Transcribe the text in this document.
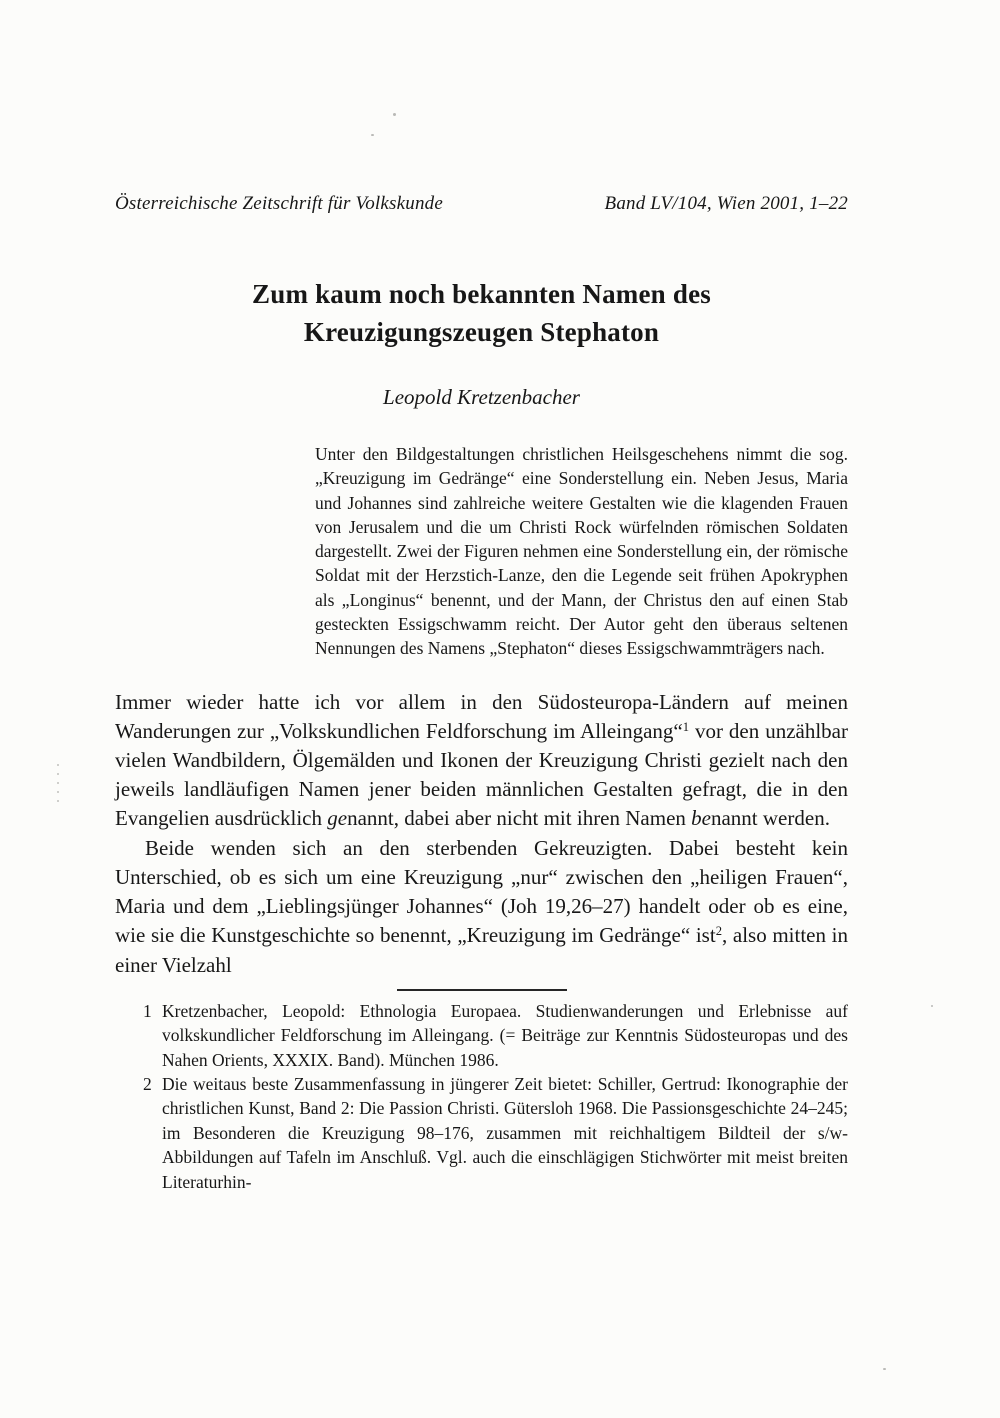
Österreichische Zeitschrift für Volkskunde	Band LV/104, Wien 2001, 1–22
Zum kaum noch bekannten Namen des
Kreuzigungszeugen Stephaton
Leopold Kretzenbacher
Unter den Bildgestaltungen christlichen Heilsgeschehens nimmt die sog. „Kreuzigung im Gedränge“ eine Sonderstellung ein. Neben Jesus, Maria und Johannes sind zahlreiche weitere Gestalten wie die klagenden Frauen von Jerusalem und die um Christi Rock würfelnden römischen Soldaten dargestellt. Zwei der Figuren nehmen eine Sonderstellung ein, der römische Soldat mit der Herzstich-Lanze, den die Legende seit frühen Apokryphen als „Longinus“ benennt, und der Mann, der Christus den auf einen Stab gesteckten Essigschwamm reicht. Der Autor geht den überaus seltenen Nennungen des Namens „Stephaton“ dieses Essigschwammträgers nach.

Immer wieder hatte ich vor allem in den Südosteuropa-Ländern auf meinen Wanderungen zur „Volkskundlichen Feldforschung im Alleingang“$^1$ vor den unzählbar vielen Wandbildern, Ölgemälden und Ikonen der Kreuzigung Christi gezielt nach den jeweils landläufigen Namen jener beiden männlichen Gestalten gefragt, die in den Evangelien ausdrücklich genannt, dabei aber nicht mit ihren Namen benannt werden.

Beide wenden sich an den sterbenden Gekreuzigten. Dabei besteht kein Unterschied, ob es sich um eine Kreuzigung „nur“ zwischen den „heiligen Frauen“, Maria und dem „Lieblingsjünger Johannes“ (Joh 19,26–27) handelt oder ob es eine, wie sie die Kunstgeschichte so benennt, „Kreuzigung im Gedränge“ ist$^2$, also mitten in einer Vielzahl

1 Kretzenbacher, Leopold: Ethnologia Europaea. Studienwanderungen und Erlebnisse auf volkskundlicher Feldforschung im Alleingang. (= Beiträge zur Kenntnis Südosteuropas und des Nahen Orients, XXXIX. Band). München 1986.
2 Die weitaus beste Zusammenfassung in jüngerer Zeit bietet: Schiller, Gertrud: Ikonographie der christlichen Kunst, Band 2: Die Passion Christi. Gütersloh 1968. Die Passionsgeschichte 24–245; im Besonderen die Kreuzigung 98–176, zusammen mit reichhaltigem Bildteil der s/w-Abbildungen auf Tafeln im Anschluß. Vgl. auch die einschlägigen Stichwörter mit meist breiten Literaturhin-
